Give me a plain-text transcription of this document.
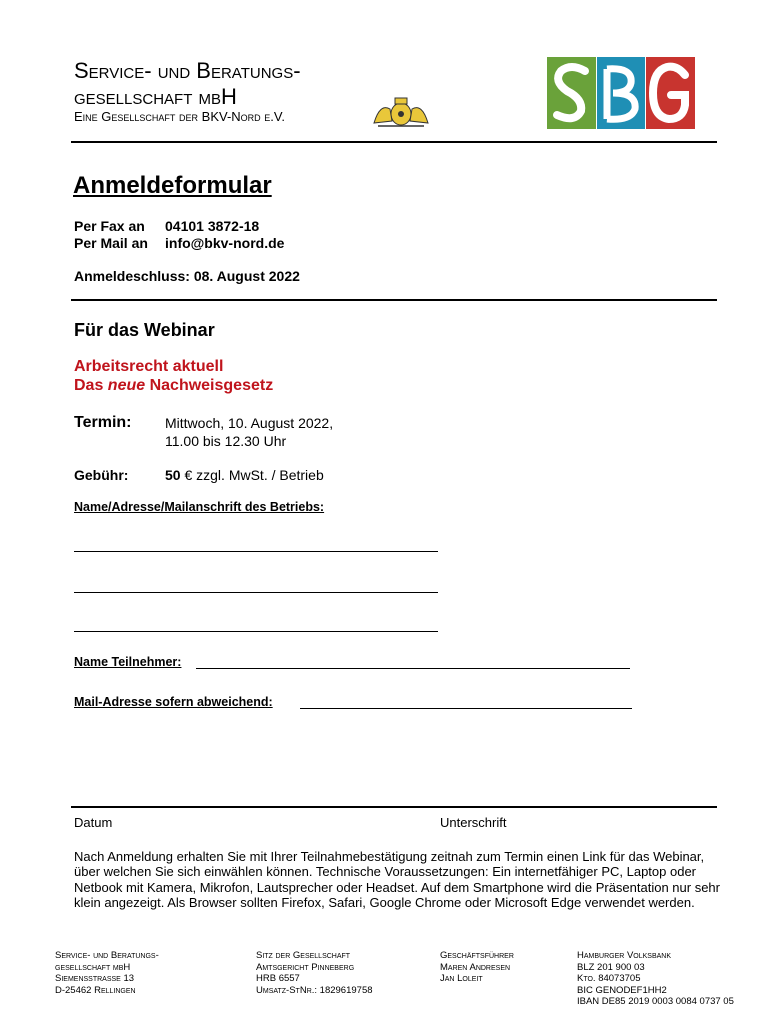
Service- und Beratungs-
gesellschaft mbH
Eine Gesellschaft der BKV-Nord e.V.
Anmeldeformular
Per Fax an 04101 3872-18
Per Mail an info@bkv-nord.de
Anmeldeschluss: 08. August 2022
Für das Webinar
Arbeitsrecht aktuell
Das neue Nachweisgesetz
Termin: Mittwoch, 10. August 2022,
11.00 bis 12.30 Uhr
Gebühr:	50 € zzgl. MwSt. / Betrieb
Name/Adresse/Mailanschrift des Betriebs:
Name Teilnehmer:
Mail-Adresse sofern abweichend:
Datum	Unterschrift
Nach Anmeldung erhalten Sie mit Ihrer Teilnahmebestätigung zeitnah zum Termin einen Link für das Webinar, über welchen Sie sich einwählen können. Technische Voraussetzungen: Ein internetfähiger PC, Laptop oder Netbook mit Kamera, Mikrofon, Lautsprecher oder Headset. Auf dem Smartphone wird die Präsentation nur sehr klein angezeigt. Als Browser sollten Firefox, Safari, Google Chrome oder Microsoft Edge verwendet werden.
Service- und Beratungs-
gesellschaft mbH
Siemensstraße 13
D-25462 Rellingen
Sitz der Gesellschaft
Amtsgericht Pinneberg
HRB 6557
Umsatz-StNr.: 1829619758
Geschäftsführer
Maren Andresen
Jan Loleit
Hamburger Volksbank
BLZ 201 900 03
Kto. 84073705
BIC GENODEF1HH2
IBAN DE85 2019 0003 0084 0737 05
